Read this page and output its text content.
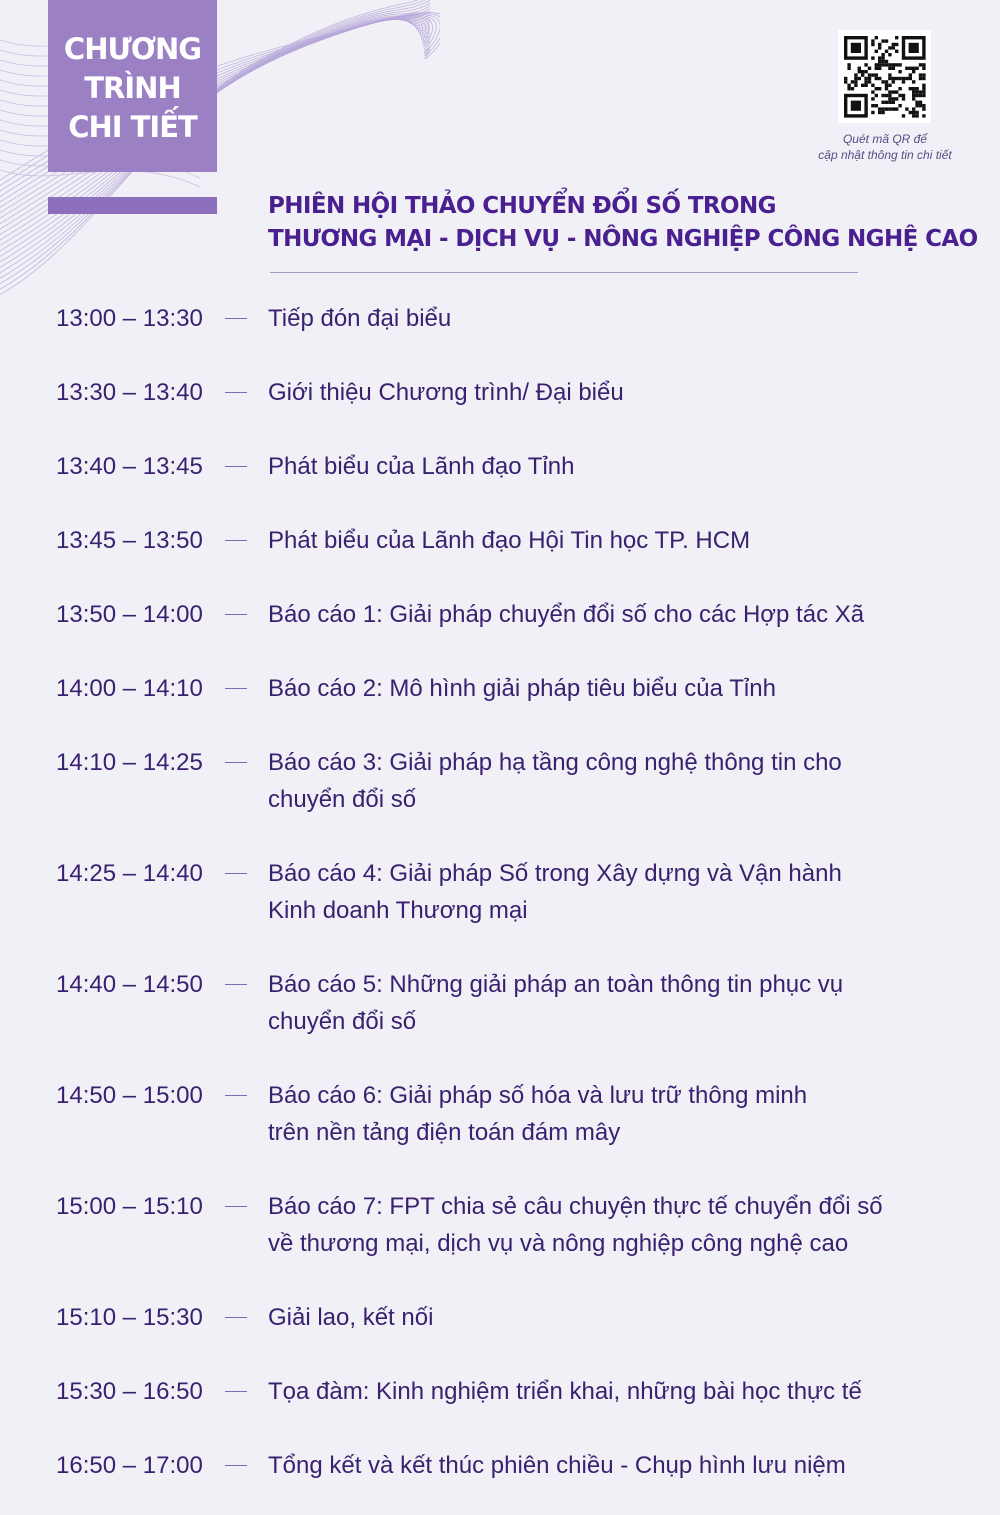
CHƯƠNG
TRÌNH
CHI TIẾT	Quét mã QR để
cập nhật thông tin chi tiết
PHIÊN HỘI THẢO CHUYỂN ĐỔI SỐ TRONG
THƯƠNG MẠI - DỊCH VỤ - NÔNG NGHIỆP CÔNG NGHỆ CAO
13:00 – 13:30	Tiếp đón đại biểu
13:30 – 13:40	Giới thiệu Chương trình/ Đại biểu
13:40 – 13:45	Phát biểu của Lãnh đạo Tỉnh
13:45 – 13:50	Phát biểu của Lãnh đạo Hội Tin học TP. HCM
13:50 – 14:00	Báo cáo 1: Giải pháp chuyển đổi số cho các Hợp tác Xã
14:00 – 14:10	Báo cáo 2: Mô hình giải pháp tiêu biểu của Tỉnh
14:10 – 14:25	Báo cáo 3: Giải pháp hạ tầng công nghệ thông tin cho
chuyển đổi số
14:25 – 14:40	Báo cáo 4: Giải pháp Số trong Xây dựng và Vận hành
Kinh doanh Thương mại
14:40 – 14:50	Báo cáo 5: Những giải pháp an toàn thông tin phục vụ
chuyển đổi số
14:50 – 15:00	Báo cáo 6: Giải pháp số hóa và lưu trữ thông minh
trên nền tảng điện toán đám mây
15:00 – 15:10	Báo cáo 7: FPT chia sẻ câu chuyện thực tế chuyển đổi số
về thương mại, dịch vụ và nông nghiệp công nghệ cao
15:10 – 15:30	Giải lao, kết nối
15:30 – 16:50	Tọa đàm: Kinh nghiệm triển khai, những bài học thực tế
16:50 – 17:00	Tổng kết và kết thúc phiên chiều - Chụp hình lưu niệm
